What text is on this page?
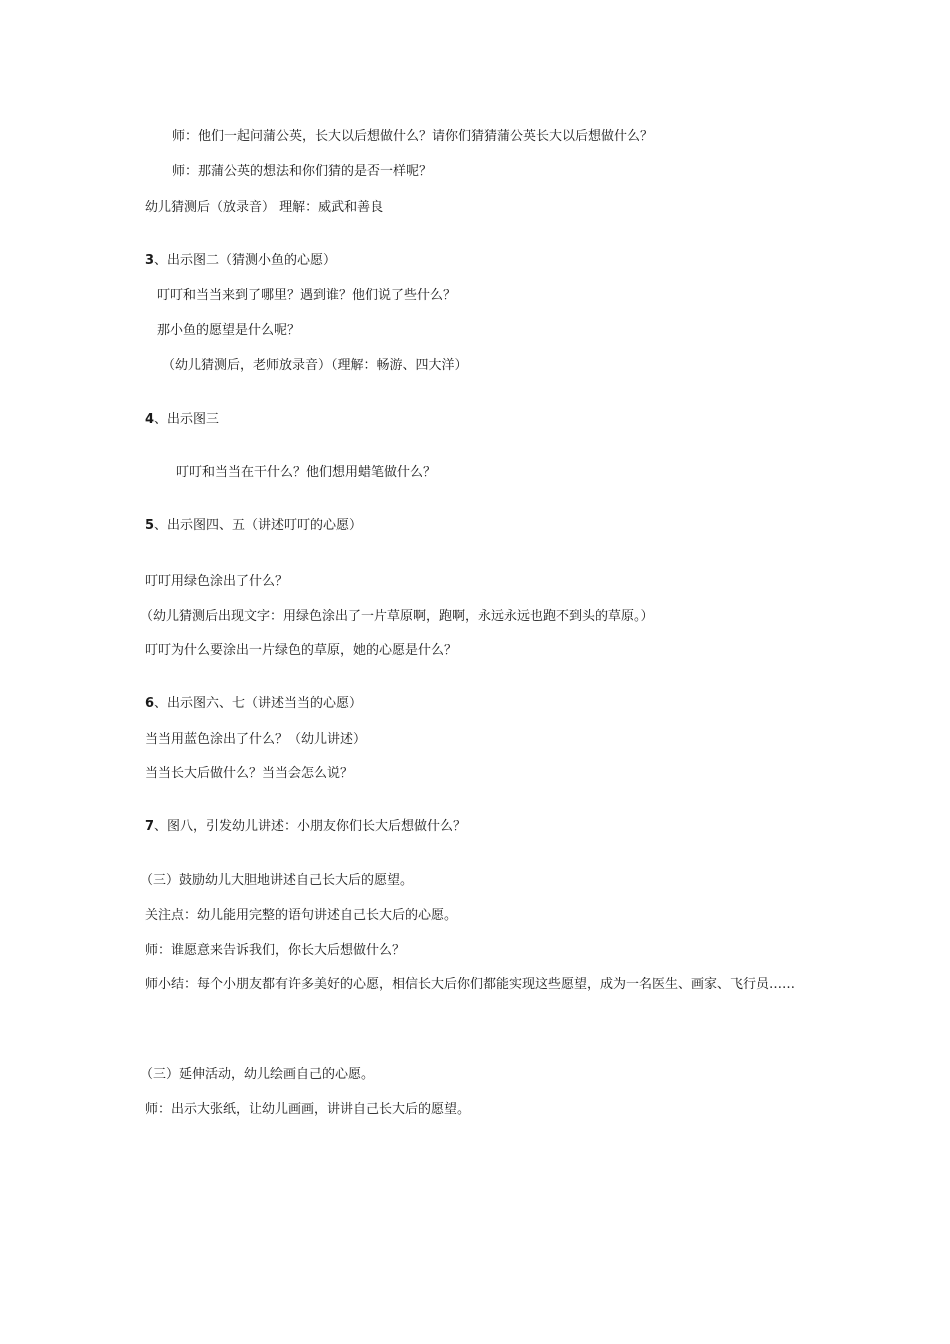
师：他们一起问蒲公英，长大以后想做什么？请你们猜猜蒲公英长大以后想做什么？
师：那蒲公英的想法和你们猜的是否一样呢？
幼儿猜测后（放录音） 理解：威武和善良
3、出示图二（猜测小鱼的心愿）
叮叮和当当来到了哪里？遇到谁？他们说了些什么？
那小鱼的愿望是什么呢？
（幼儿猜测后，老师放录音）（理解：畅游、四大洋）
4、出示图三
叮叮和当当在干什么？他们想用蜡笔做什么？
5、出示图四、五（讲述叮叮的心愿）
叮叮用绿色涂出了什么？
（幼儿猜测后出现文字：用绿色涂出了一片草原啊，跑啊，永远永远也跑不到头的草原。）
叮叮为什么要涂出一片绿色的草原，她的心愿是什么？
6、出示图六、七（讲述当当的心愿）
当当用蓝色涂出了什么？（幼儿讲述）
当当长大后做什么？当当会怎么说？
7、图八，引发幼儿讲述：小朋友你们长大后想做什么？
（三）鼓励幼儿大胆地讲述自己长大后的愿望。
关注点：幼儿能用完整的语句讲述自己长大后的心愿。
师：谁愿意来告诉我们，你长大后想做什么？
师小结：每个小朋友都有许多美好的心愿，相信长大后你们都能实现这些愿望，成为一名医生、画家、飞行员……
（三）延伸活动，幼儿绘画自己的心愿。
师：出示大张纸，让幼儿画画，讲讲自己长大后的愿望。
